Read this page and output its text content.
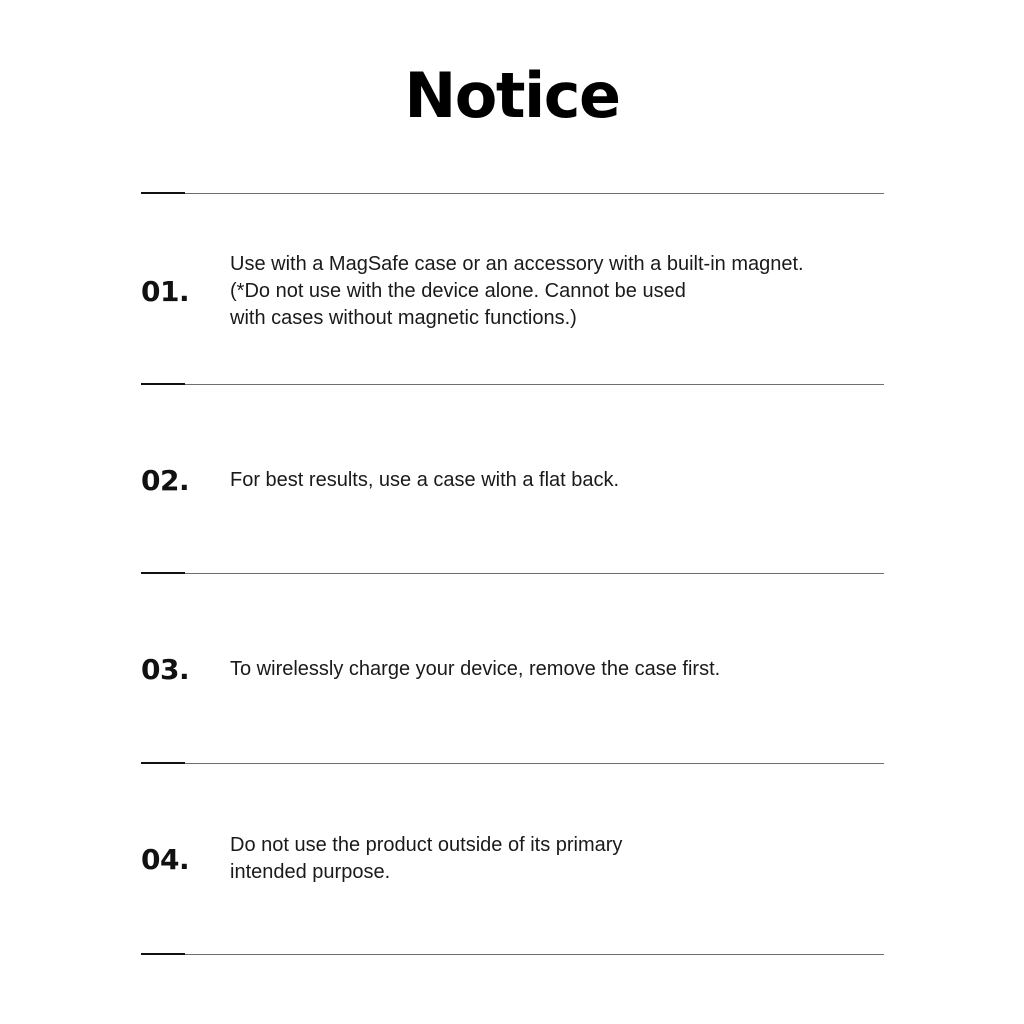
Notice
01.
Use with a MagSafe case or an accessory with a built-in magnet.
(*Do not use with the device alone. Cannot be used
with cases without magnetic functions.)
02.	For best results, use a case with a flat back.
03.	To wirelessly charge your device, remove the case first.
04.	Do not use the product outside of its primary
intended purpose.
